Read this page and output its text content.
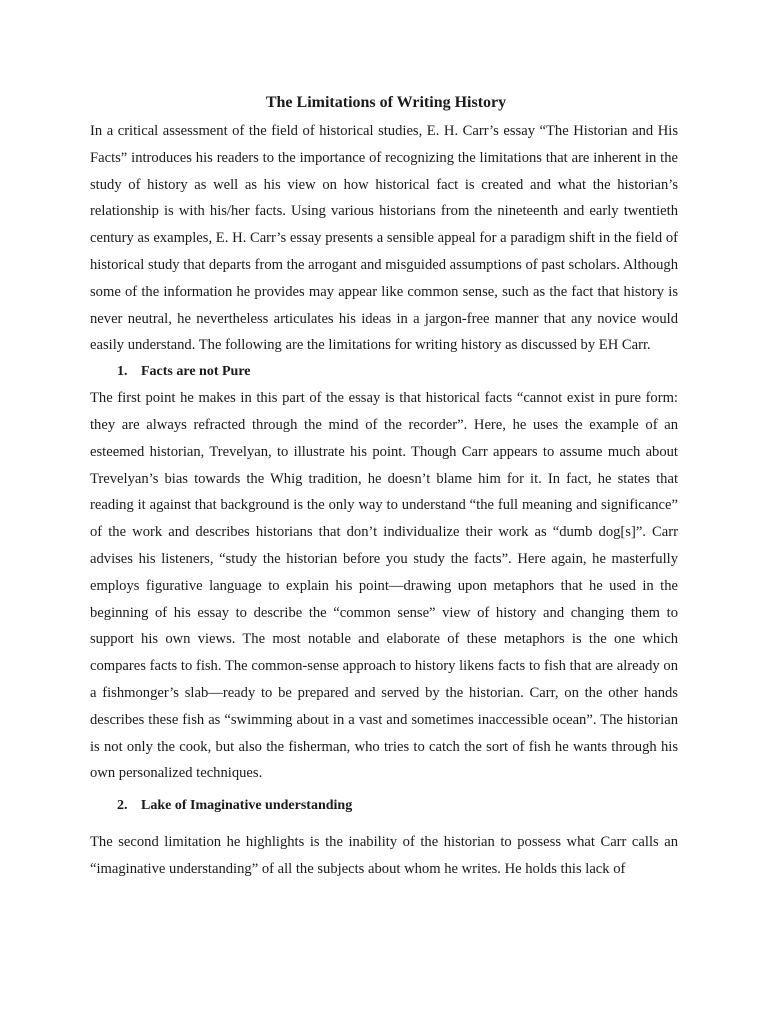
The Limitations of Writing History

In a critical assessment of the field of historical studies, E. H. Carr’s essay “The Historian and His Facts” introduces his readers to the importance of recognizing the limitations that are inherent in the study of history as well as his view on how historical fact is created and what the historian’s relationship is with his/her facts. Using various historians from the nineteenth and early twentieth century as examples, E. H. Carr’s essay presents a sensible appeal for a paradigm shift in the field of historical study that departs from the arrogant and misguided assumptions of past scholars. Although some of the information he provides may appear like common sense, such as the fact that history is never neutral, he nevertheless articulates his ideas in a jargon-free manner that any novice would easily understand. The following are the limitations for writing history as discussed by EH Carr.

1. Facts are not Pure

The first point he makes in this part of the essay is that historical facts “cannot exist in pure form: they are always refracted through the mind of the recorder”. Here, he uses the example of an esteemed historian, Trevelyan, to illustrate his point. Though Carr appears to assume much about Trevelyan’s bias towards the Whig tradition, he doesn’t blame him for it. In fact, he states that reading it against that background is the only way to understand “the full meaning and significance” of the work and describes historians that don’t individualize their work as “dumb dog[s]”. Carr advises his listeners, “study the historian before you study the facts”. Here again, he masterfully employs figurative language to explain his point—drawing upon metaphors that he used in the beginning of his essay to describe the “common sense” view of history and changing them to support his own views. The most notable and elaborate of these metaphors is the one which compares facts to fish. The common-sense approach to history likens facts to fish that are already on a fishmonger’s slab—ready to be prepared and served by the historian. Carr, on the other hands describes these fish as “swimming about in a vast and sometimes inaccessible ocean”. The historian is not only the cook, but also the fisherman, who tries to catch the sort of fish he wants through his own personalized techniques.

2. Lake of Imaginative understanding

The second limitation he highlights is the inability of the historian to possess what Carr calls an “imaginative understanding” of all the subjects about whom he writes. He holds this lack of
